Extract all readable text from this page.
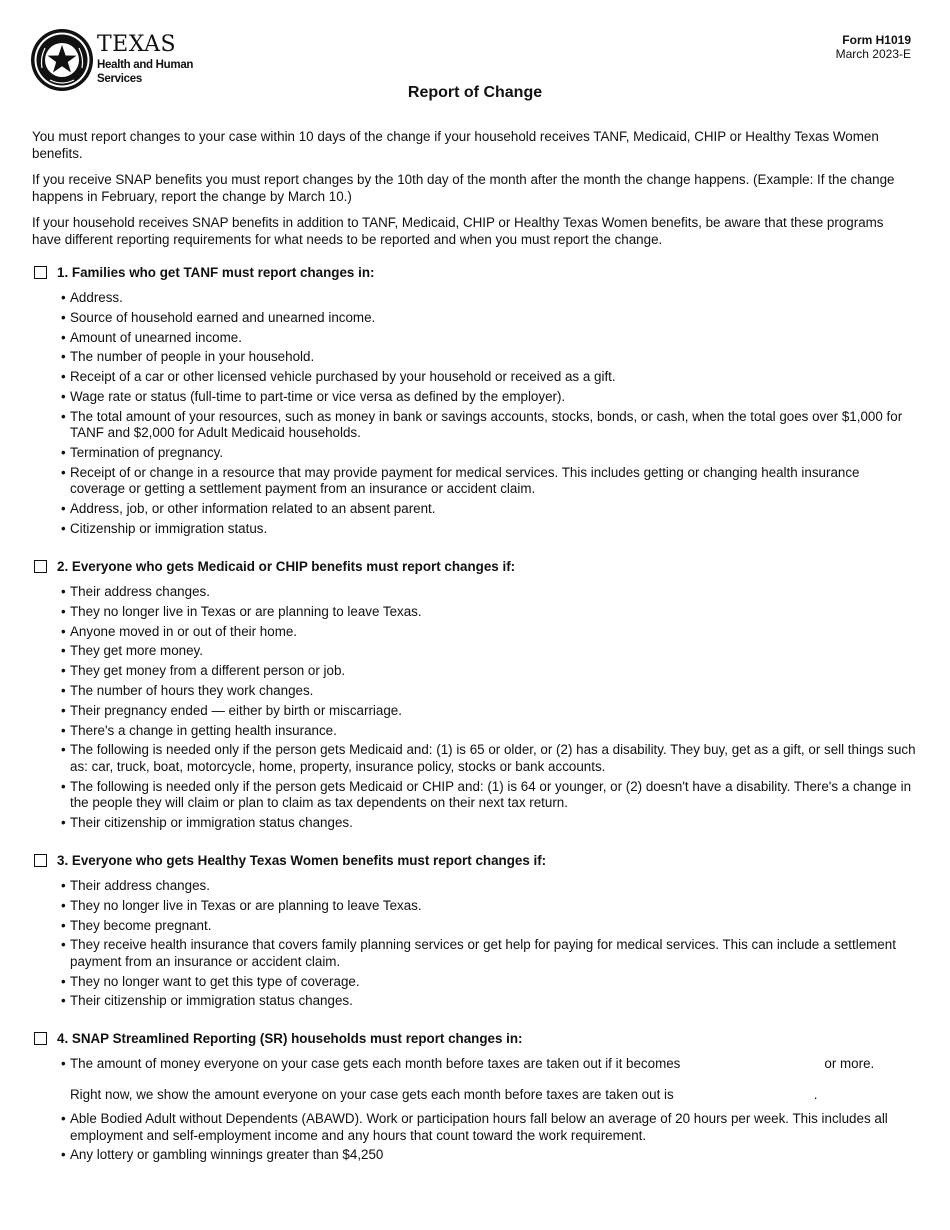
TEXAS
Health and Human
Services
Form H1019
March 2023-E
Report of Change

You must report changes to your case within 10 days of the change if your household receives TANF, Medicaid, CHIP or Healthy Texas Women benefits.

If you receive SNAP benefits you must report changes by the 10th day of the month after the month the change happens. (Example: If the change happens in February, report the change by March 10.)

If your household receives SNAP benefits in addition to TANF, Medicaid, CHIP or Healthy Texas Women benefits, be aware that these programs have different reporting requirements for what needs to be reported and when you must report the change.

1. Families who get TANF must report changes in:
• Address.
• Source of household earned and unearned income.
• Amount of unearned income.
• The number of people in your household.
• Receipt of a car or other licensed vehicle purchased by your household or received as a gift.
• Wage rate or status (full-time to part-time or vice versa as defined by the employer).
• The total amount of your resources, such as money in bank or savings accounts, stocks, bonds, or cash, when the total goes over $1,000 for TANF and $2,000 for Adult Medicaid households.
• Termination of pregnancy.
• Receipt of or change in a resource that may provide payment for medical services. This includes getting or changing health insurance coverage or getting a settlement payment from an insurance or accident claim.
• Address, job, or other information related to an absent parent.
• Citizenship or immigration status.
2. Everyone who gets Medicaid or CHIP benefits must report changes if:
• Their address changes.
• They no longer live in Texas or are planning to leave Texas.
• Anyone moved in or out of their home.
• They get more money.
• They get money from a different person or job.
• The number of hours they work changes.
• Their pregnancy ended — either by birth or miscarriage.
• There's a change in getting health insurance.
• The following is needed only if the person gets Medicaid and: (1) is 65 or older, or (2) has a disability. They buy, get as a gift, or sell things such as: car, truck, boat, motorcycle, home, property, insurance policy, stocks or bank accounts.
• The following is needed only if the person gets Medicaid or CHIP and: (1) is 64 or younger, or (2) doesn't have a disability. There's a change in the people they will claim or plan to claim as tax dependents on their next tax return.
• Their citizenship or immigration status changes.
3. Everyone who gets Healthy Texas Women benefits must report changes if:
• Their address changes.
• They no longer live in Texas or are planning to leave Texas.
• They become pregnant.
• They receive health insurance that covers family planning services or get help for paying for medical services. This can include a settlement payment from an insurance or accident claim.
• They no longer want to get this type of coverage.
• Their citizenship or immigration status changes.
4. SNAP Streamlined Reporting (SR) households must report changes in:
• The amount of money everyone on your case gets each month before taxes are taken out if it becomes	or more.
Right now, we show the amount everyone on your case gets each month before taxes are taken out is	.
• Able Bodied Adult without Dependents (ABAWD). Work or participation hours fall below an average of 20 hours per week. This includes all employment and self-employment income and any hours that count toward the work requirement.
• Any lottery or gambling winnings greater than $4,250
